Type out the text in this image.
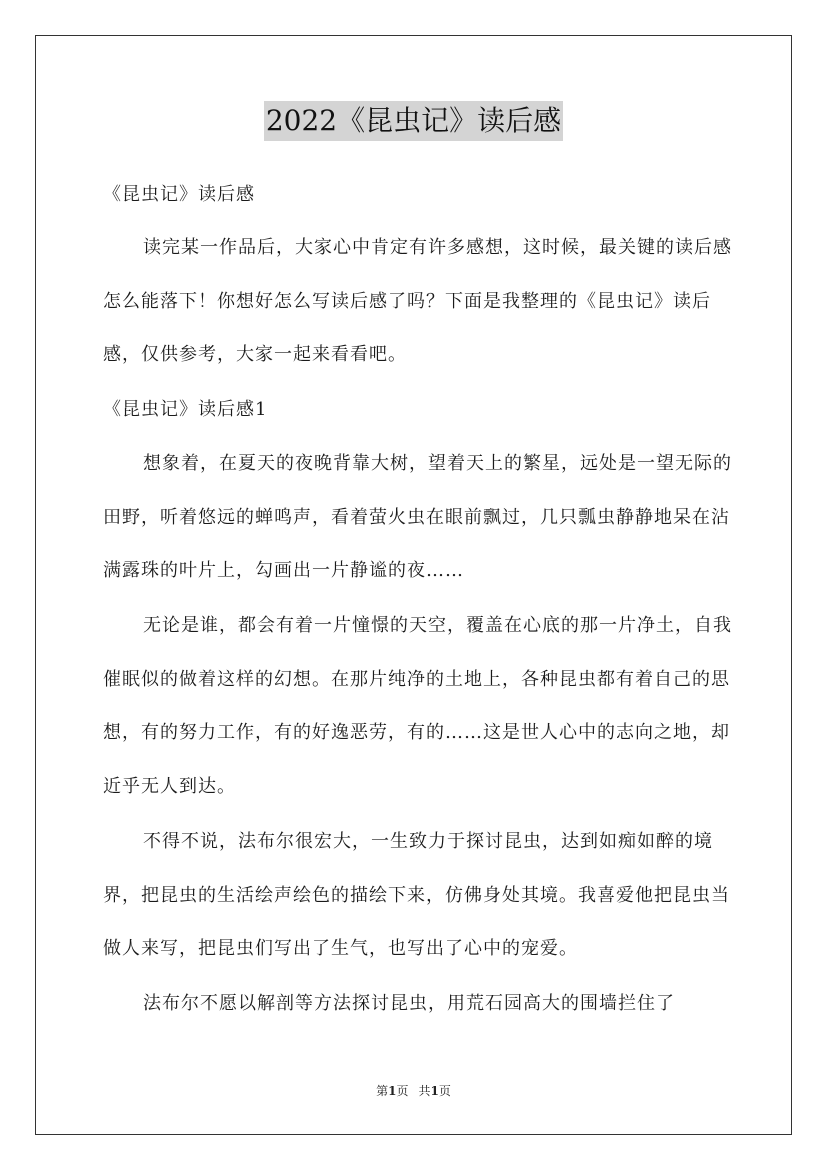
2022《昆虫记》读后感

《昆虫记》读后感

读完某一作品后，大家心中肯定有许多感想，这时候，最关键的读后感怎么能落下！你想好怎么写读后感了吗？下面是我整理的《昆虫记》读后感，仅供参考，大家一起来看看吧。

《昆虫记》读后感1

想象着，在夏天的夜晚背靠大树，望着天上的繁星，远处是一望无际的田野，听着悠远的蝉鸣声，看着萤火虫在眼前飘过，几只瓢虫静静地呆在沾满露珠的叶片上，勾画出一片静谧的夜……

无论是谁，都会有着一片憧憬的天空，覆盖在心底的那一片净土，自我催眠似的做着这样的幻想。在那片纯净的土地上，各种昆虫都有着自己的思想，有的努力工作，有的好逸恶劳，有的……这是世人心中的志向之地，却近乎无人到达。

不得不说，法布尔很宏大，一生致力于探讨昆虫，达到如痴如醉的境界，把昆虫的生活绘声绘色的描绘下来，仿佛身处其境。我喜爱他把昆虫当做人来写，把昆虫们写出了生气，也写出了心中的宠爱。

法布尔不愿以解剖等方法探讨昆虫，用荒石园高大的围墙拦住了

第1页 共1页
